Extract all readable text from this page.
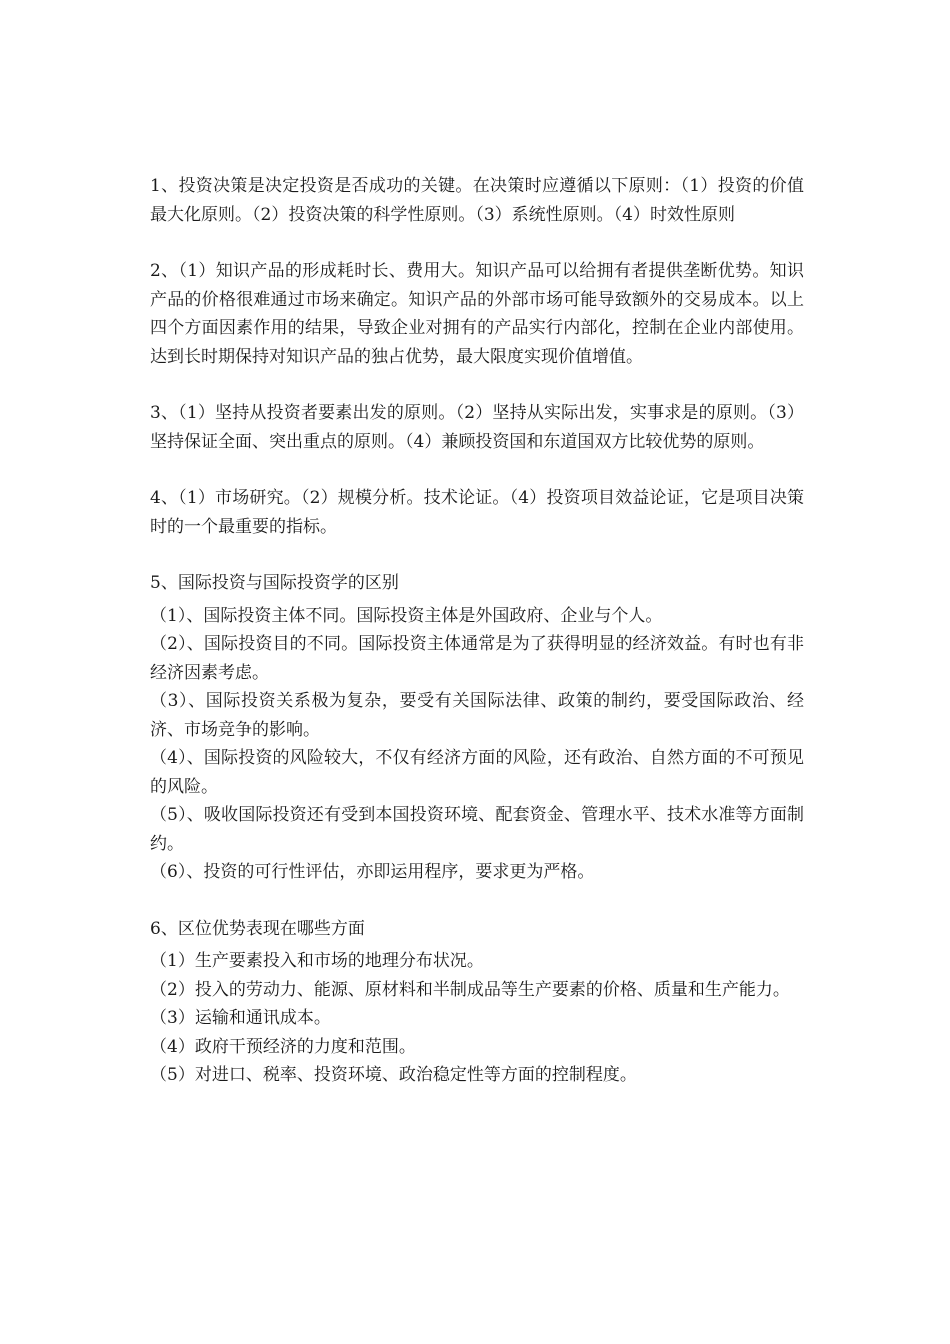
1、投资决策是决定投资是否成功的关键。在决策时应遵循以下原则：（1）投资的价值最大化原则。（2）投资决策的科学性原则。（3）系统性原则。（4）时效性原则

2、（1）知识产品的形成耗时长、费用大。知识产品可以给拥有者提供垄断优势。知识产品的价格很难通过市场来确定。知识产品的外部市场可能导致额外的交易成本。以上四个方面因素作用的结果，导致企业对拥有的产品实行内部化，控制在企业内部使用。达到长时期保持对知识产品的独占优势，最大限度实现价值增值。

3、（1）坚持从投资者要素出发的原则。（2）坚持从实际出发，实事求是的原则。（3）坚持保证全面、突出重点的原则。（4）兼顾投资国和东道国双方比较优势的原则。

4、（1）市场研究。（2）规模分析。技术论证。（4）投资项目效益论证，它是项目决策时的一个最重要的指标。

5、国际投资与国际投资学的区别

（1）、国际投资主体不同。国际投资主体是外国政府、企业与个人。

（2）、国际投资目的不同。国际投资主体通常是为了获得明显的经济效益。有时也有非经济因素考虑。

（3）、国际投资关系极为复杂，要受有关国际法律、政策的制约，要受国际政治、经济、市场竞争的影响。

（4）、国际投资的风险较大，不仅有经济方面的风险，还有政治、自然方面的不可预见的风险。

（5）、吸收国际投资还有受到本国投资环境、配套资金、管理水平、技术水准等方面制约。

（6）、投资的可行性评估，亦即运用程序，要求更为严格。

6、区位优势表现在哪些方面

（1）生产要素投入和市场的地理分布状况。

（2）投入的劳动力、能源、原材料和半制成品等生产要素的价格、质量和生产能力。

（3）运输和通讯成本。

（4）政府干预经济的力度和范围。

（5）对进口、税率、投资环境、政治稳定性等方面的控制程度。
